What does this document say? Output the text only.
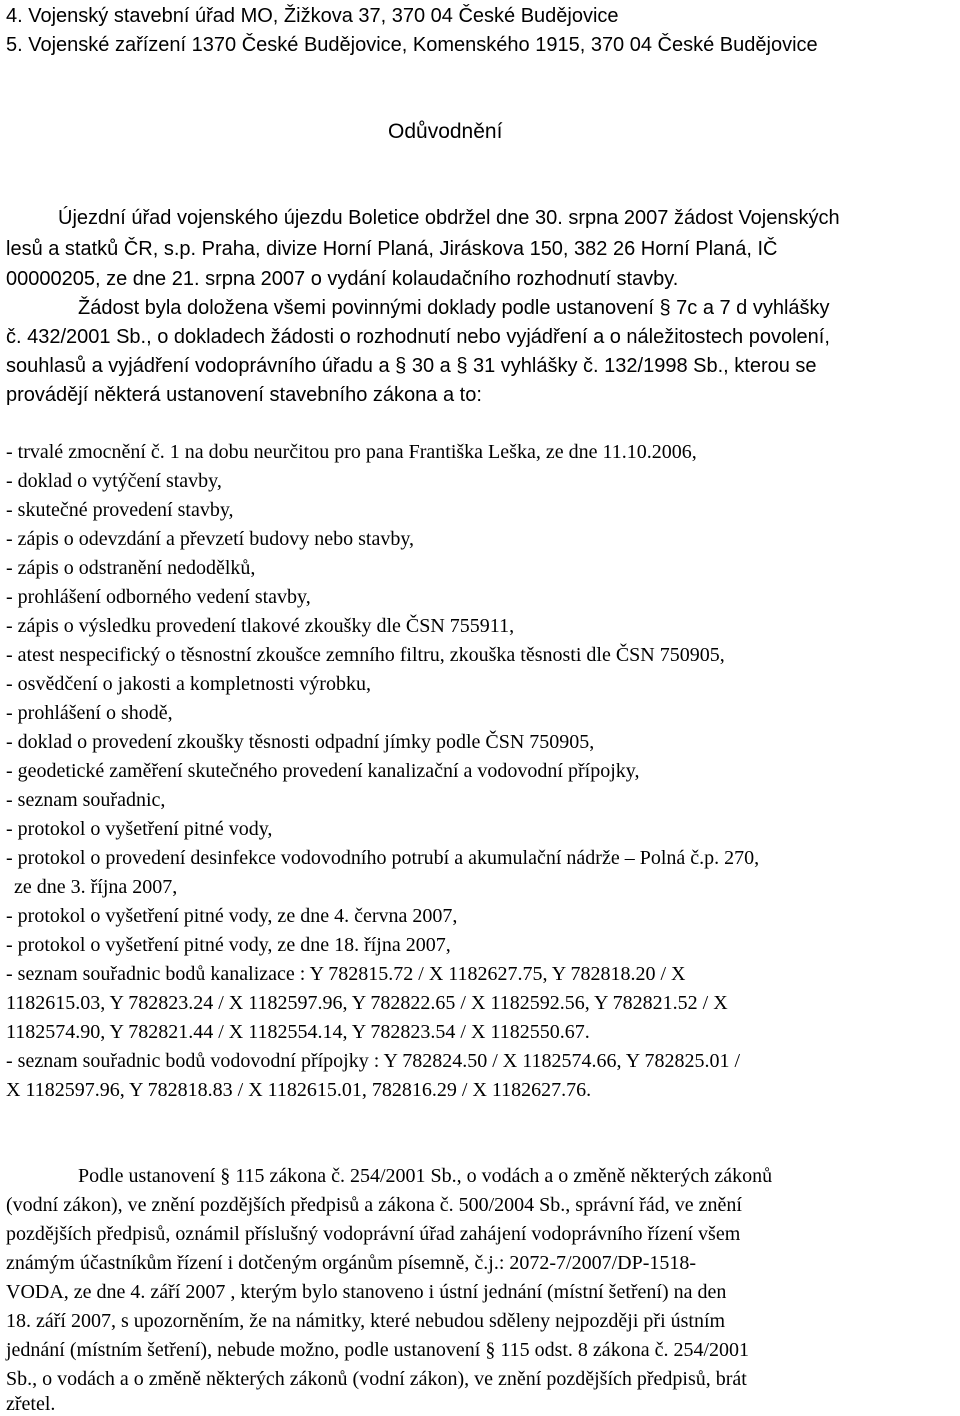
4. Vojenský stavební úřad MO, Žižkova 37, 370 04 České Budějovice
5. Vojenské zařízení 1370 České Budějovice, Komenského 1915, 370 04 České Budějovice
Odůvodnění
Újezdní úřad vojenského újezdu Boletice obdržel dne 30. srpna 2007 žádost Vojenských
lesů a statků ČR, s.p. Praha, divize Horní Planá, Jiráskova 150, 382 26 Horní Planá, IČ
00000205, ze dne 21. srpna 2007 o vydání kolaudačního rozhodnutí stavby.
Žádost byla doložena všemi povinnými doklady podle ustanovení § 7c a 7 d vyhlášky
č. 432/2001 Sb., o dokladech žádosti o rozhodnutí nebo vyjádření a o náležitostech povolení,
souhlasů a vyjádření vodoprávního úřadu a § 30 a § 31 vyhlášky č. 132/1998 Sb., kterou se
provádějí některá ustanovení stavebního zákona a to:
- trvalé zmocnění č. 1 na dobu neurčitou pro pana Františka Leška, ze dne 11.10.2006,
- doklad o vytýčení stavby,
- skutečné provedení stavby,
- zápis o odevzdání a převzetí budovy nebo stavby,
- zápis o odstranění nedodělků,
- prohlášení odborného vedení stavby,
- zápis o výsledku provedení tlakové zkoušky dle ČSN 755911,
- atest nespecifický o těsnostní zkoušce zemního filtru, zkouška těsnosti dle ČSN 750905,
- osvědčení o jakosti a kompletnosti výrobku,
- prohlášení o shodě,
- doklad o provedení zkoušky těsnosti odpadní jímky podle ČSN 750905,
- geodetické zaměření skutečného provedení kanalizační a vodovodní přípojky,
- seznam souřadnic,
- protokol o vyšetření pitné vody,
- protokol o provedení desinfekce vodovodního potrubí a akumulační nádrže – Polná č.p. 270,
ze dne 3. října 2007,
- protokol o vyšetření pitné vody, ze dne 4. června 2007,
- protokol o vyšetření pitné vody, ze dne 18. října 2007,
- seznam souřadnic bodů kanalizace : Y 782815.72 / X 1182627.75, Y 782818.20 / X
1182615.03, Y 782823.24 / X 1182597.96, Y 782822.65 / X 1182592.56, Y 782821.52 / X
1182574.90, Y 782821.44 / X 1182554.14, Y 782823.54 / X 1182550.67.
- seznam souřadnic bodů vodovodní přípojky : Y 782824.50 / X 1182574.66, Y 782825.01 /
X 1182597.96, Y 782818.83 / X 1182615.01, 782816.29 / X 1182627.76.
Podle ustanovení § 115 zákona č. 254/2001 Sb., o vodách a o změně některých zákonů
(vodní zákon), ve znění pozdějších předpisů a zákona č. 500/2004 Sb., správní řád, ve znění
pozdějších předpisů, oznámil příslušný vodoprávní úřad zahájení vodoprávního řízení všem
známým účastníkům řízení i dotčeným orgánům písemně, č.j.: 2072-7/2007/DP-1518-
VODA, ze dne 4. září 2007 , kterým bylo stanoveno i ústní jednání (místní šetření) na den
18. září 2007, s upozorněním, že na námitky, které nebudou sděleny nejpozději při ústním
jednání (místním šetření), nebude možno, podle ustanovení § 115 odst. 8 zákona č. 254/2001
Sb., o vodách a o změně některých zákonů (vodní zákon), ve znění pozdějších předpisů, brát
zřetel.
